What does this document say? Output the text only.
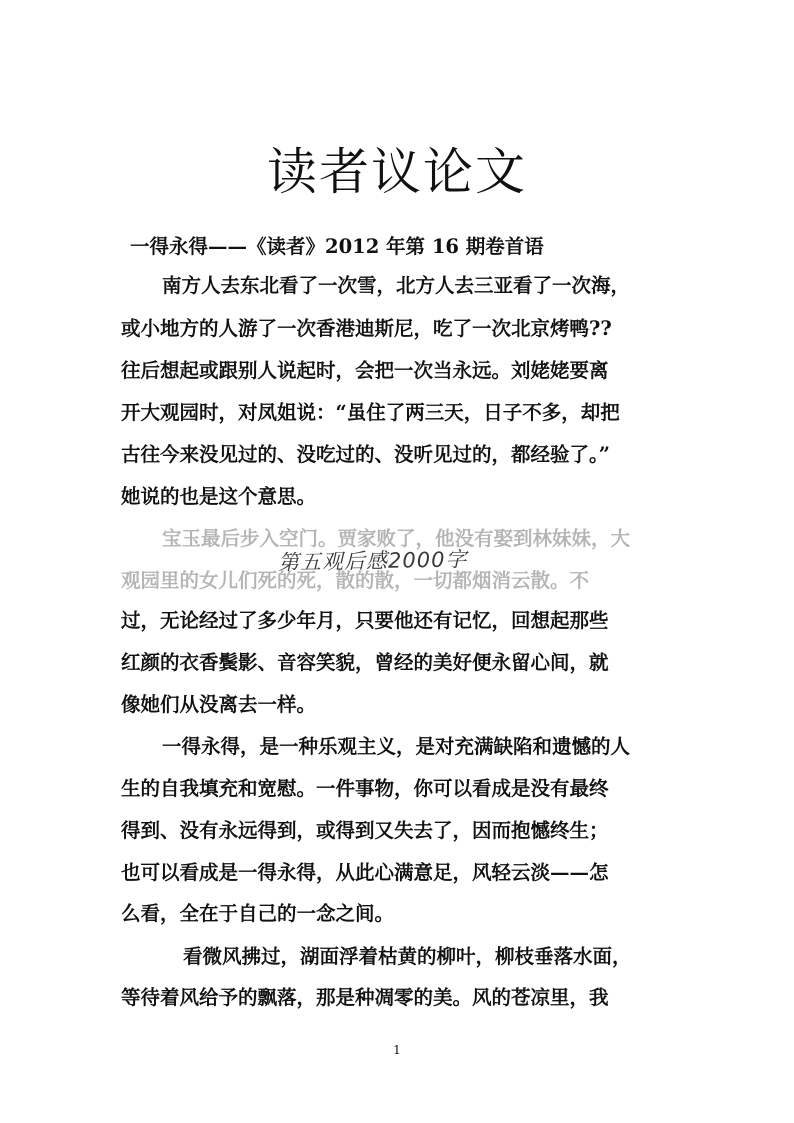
读者议论文
一得永得——《读者》2012 年第 16 期卷首语
南方人去东北看了一次雪，北方人去三亚看了一次海，
或小地方的人游了一次香港迪斯尼，吃了一次北京烤鸭??
往后想起或跟别人说起时，会把一次当永远。刘姥姥要离
开大观园时，对凤姐说：“虽住了两三天，日子不多，却把
古往今来没见过的、没吃过的、没听见过的，都经验了。”
她说的也是这个意思。
宝玉最后步入空门。贾家败了，他没有娶到林妹妹，大
观园里的女儿们死的死，散的散，一切都烟消云散。不
过，无论经过了多少年月，只要他还有记忆，回想起那些
红颜的衣香鬓影、音容笑貌，曾经的美好便永留心间，就
像她们从没离去一样。
一得永得，是一种乐观主义，是对充满缺陷和遗憾的人
生的自我填充和宽慰。一件事物，你可以看成是没有最终
得到、没有永远得到，或得到又失去了，因而抱憾终生；
也可以看成是一得永得，从此心满意足，风轻云淡——怎
么看，全在于自己的一念之间。
看微风拂过，湖面浮着枯黄的柳叶，柳枝垂落水面，
等待着风给予的飘落，那是种凋零的美。风的苍凉里，我
第五观后感2000字
1
